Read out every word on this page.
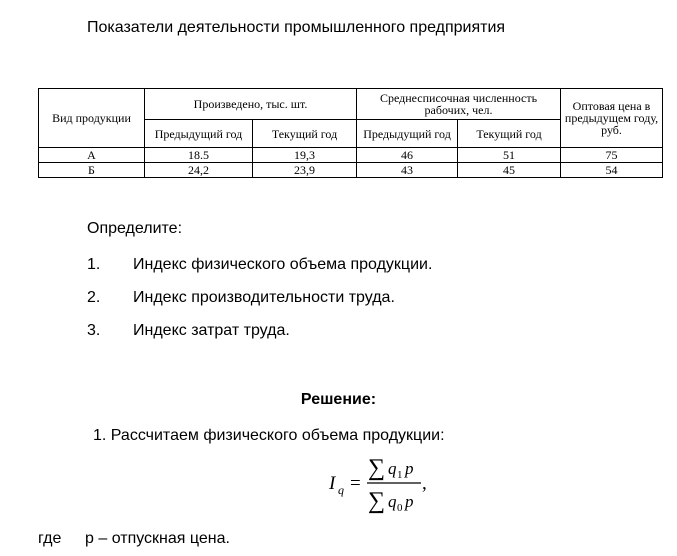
Показатели деятельности промышленного предприятия
Вид продукции	Произведено, тыс. шт.		Среднесписочная численность рабочих, чел.		Оптовая цена в предыдущем году, руб.
	Предыдущий год	Текущий год	Предыдущий год	Текущий год	
А	18.5	19,3	46	51	75
Б	24,2	23,9	43	45	54
Определите:
1. Индекс физического объема продукции.
2. Индекс производительности труда.
3. Индекс затрат труда.
Решение:
1. Рассчитаем физического объема продукции:
I q =
∑ q 1 p
∑ q 0 p
,
где p – отпускная цена.
